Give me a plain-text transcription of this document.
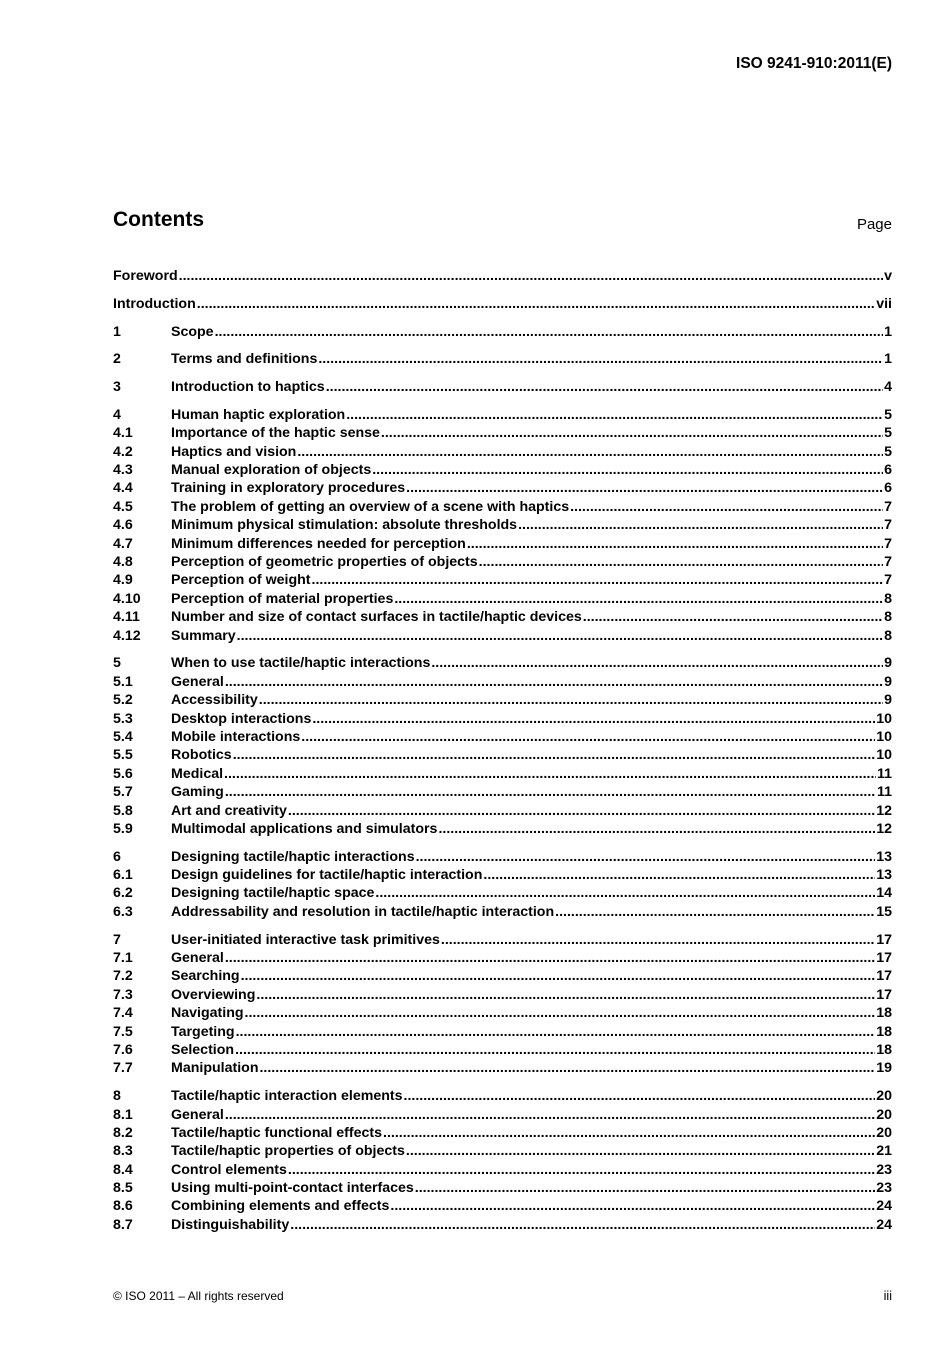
ISO 9241-910:2011(E)
Contents	Page
Foreword .....	v
Introduction .....	vii
1	Scope .....	1
2	Terms and definitions .....	1
3	Introduction to haptics .....	4
4	Human haptic exploration .....	5
4.1	Importance of the haptic sense .....	5
4.2	Haptics and vision .....	5
4.3	Manual exploration of objects .....	6
4.4	Training in exploratory procedures .....	6
4.5	The problem of getting an overview of a scene with haptics .....	7
4.6	Minimum physical stimulation: absolute thresholds .....	7
4.7	Minimum differences needed for perception .....	7
4.8	Perception of geometric properties of objects .....	7
4.9	Perception of weight .....	7
4.10	Perception of material properties .....	8
4.11	Number and size of contact surfaces in tactile/haptic devices .....	8
4.12	Summary .....	8
5	When to use tactile/haptic interactions .....	9
5.1	General .....	9
5.2	Accessibility .....	9
5.3	Desktop interactions .....	10
5.4	Mobile interactions .....	10
5.5	Robotics .....	10
5.6	Medical .....	11
5.7	Gaming .....	11
5.8	Art and creativity .....	12
5.9	Multimodal applications and simulators .....	12
6	Designing tactile/haptic interactions .....	13
6.1	Design guidelines for tactile/haptic interaction .....	13
6.2	Designing tactile/haptic space .....	14
6.3	Addressability and resolution in tactile/haptic interaction .....	15
7	User-initiated interactive task primitives .....	17
7.1	General .....	17
7.2	Searching .....	17
7.3	Overviewing .....	17
7.4	Navigating .....	18
7.5	Targeting .....	18
7.6	Selection .....	18
7.7	Manipulation .....	19
8	Tactile/haptic interaction elements .....	20
8.1	General .....	20
8.2	Tactile/haptic functional effects .....	20
8.3	Tactile/haptic properties of objects .....	21
8.4	Control elements .....	23
8.5	Using multi-point-contact interfaces .....	23
8.6	Combining elements and effects .....	24
8.7	Distinguishability .....	24
© ISO 2011 – All rights reserved	iii
